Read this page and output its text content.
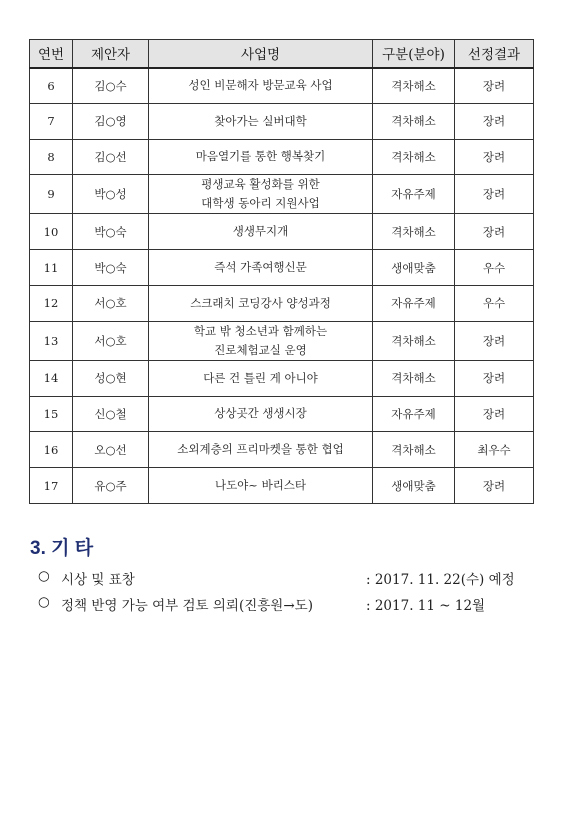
연번	제안자	사업명	구분(분야)	선정결과
6	김○수	성인 비문해자 방문교육 사업	격차해소	장려
7	김○영	찾아가는 실버대학	격차해소	장려
8	김○선	마음열기를 통한 행복찾기	격차해소	장려
9	박○성	평생교육 활성화를 위한
대학생 동아리 지원사업	자유주제	장려
10	박○숙	생생무지개	격차해소	장려
11	박○숙	즉석 가족여행신문	생애맞춤	우수
12	서○호	스크래치 코딩강사 양성과정	자유주제	우수
13	서○호	학교 밖 청소년과 함께하는
진로체험교실 운영	격차해소	장려
14	성○현	다른 건 틀린 게 아니야	격차해소	장려
15	신○철	상상곳간 생생시장	자유주제	장려
16	오○선	소외계층의 프리마켓을 통한 협업	격차해소	최우수
17	유○주	나도야~ 바리스타	생애맞춤	장려
3. 기 타
○ 시상 및 표창	: 2017. 11. 22(수) 예정
○ 정책 반영 가능 여부 검토 의뢰(진흥원→도)	: 2017. 11 ~ 12월
